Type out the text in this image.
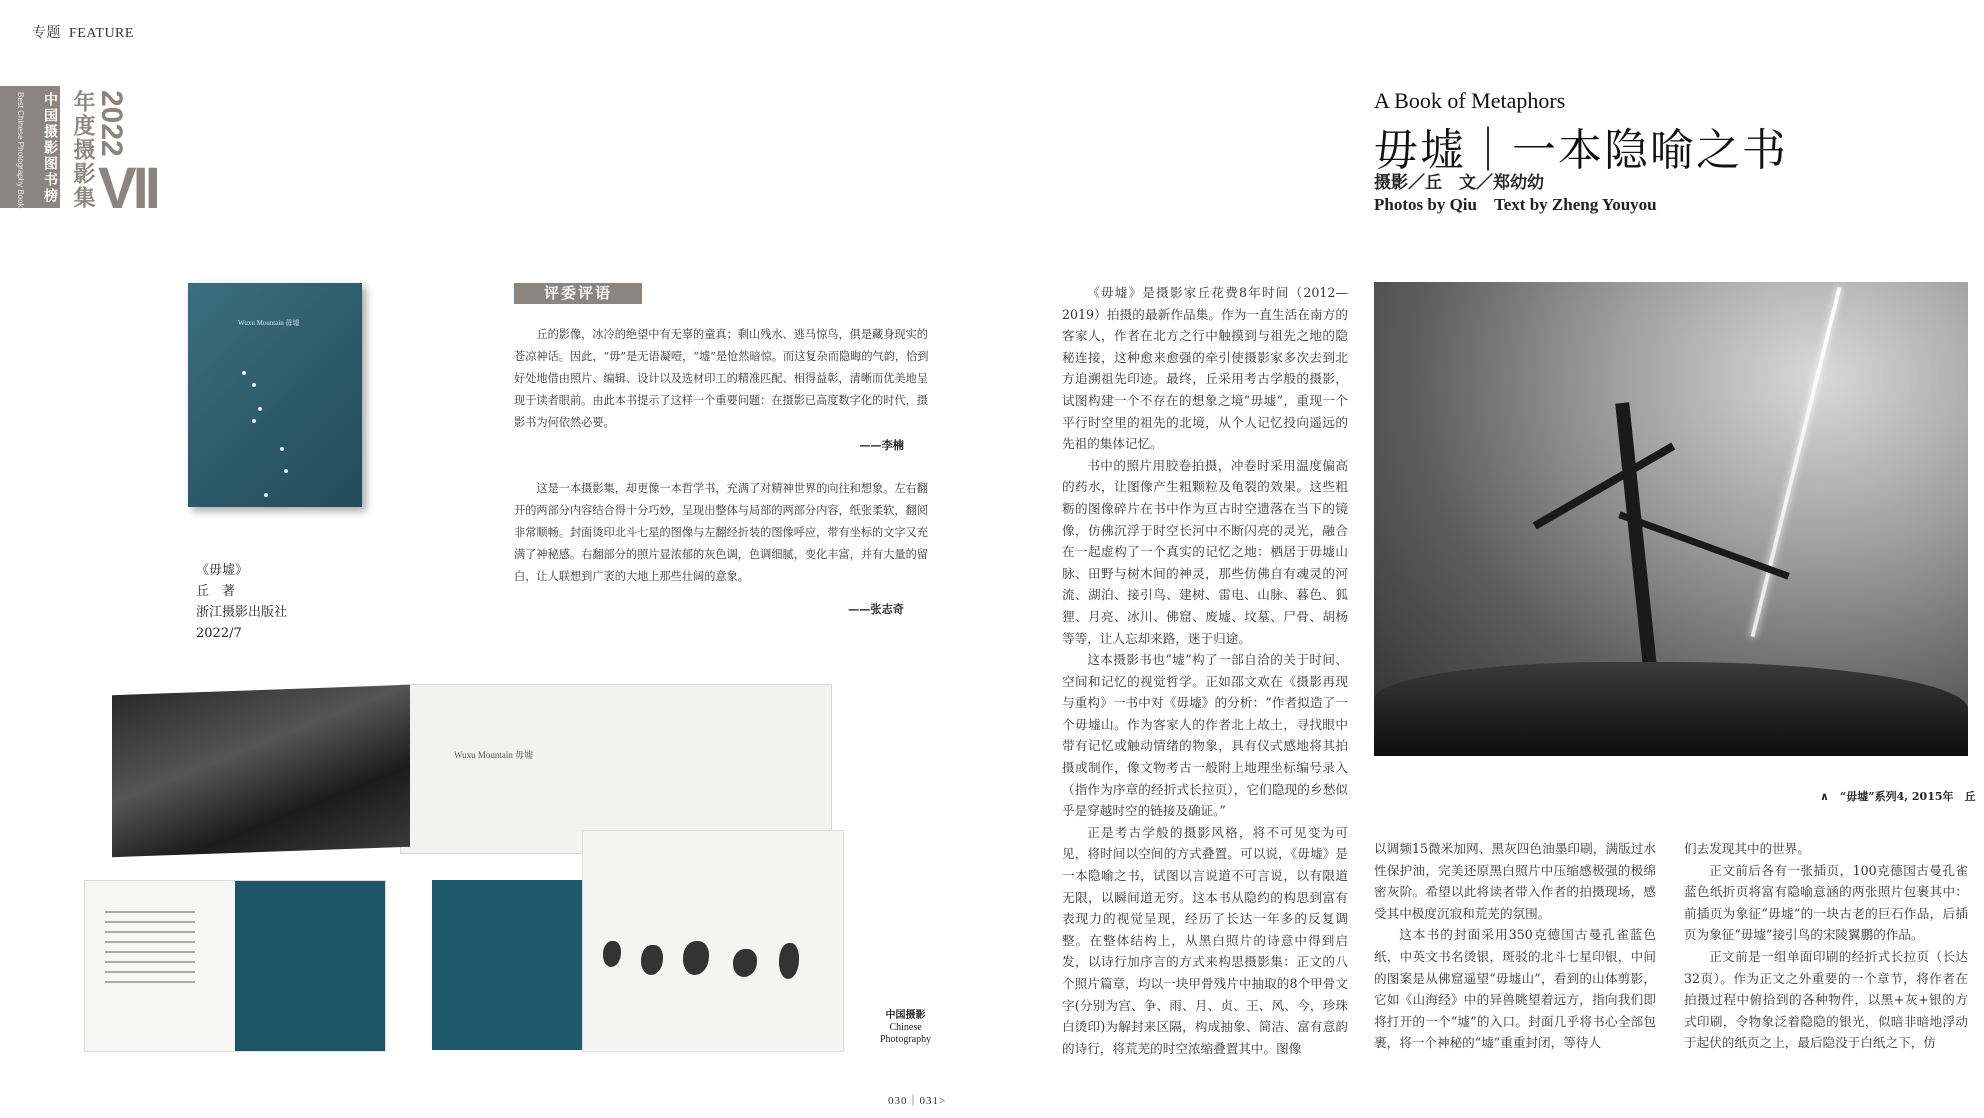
专题 FEATURE
中国摄影图书榜
Best Chinese Photography Books 2022
年度摄影集 VII
A Book of Metaphors
毋墟｜一本隐喻之书
摄影／丘　文／郑幼幼
Photos by Qiu　Text by Zheng Youyou
Wuxu Mountain 毋墟
《毋墟》
丘　著
浙江摄影出版社
2022/7
评委评语
丘的影像，冰冷的绝望中有无辜的童真；剩山残水、逃马惊鸟，俱是藏身现实的苍凉神话。因此，“毋”是无语凝噎，“墟”是怆然暗惊。而这复杂而隐晦的气韵，恰到好处地借由照片、编辑、设计以及选材印工的精准匹配、相得益彰，清晰而优美地呈现于读者眼前。由此本书提示了这样一个重要问题：在摄影已高度数字化的时代，摄影书为何依然必要。
——李楠
这是一本摄影集，却更像一本哲学书，充满了对精神世界的向往和想象。左右翻开的两部分内容结合得十分巧妙，呈现出整体与局部的两部分内容，纸张柔软，翻阅非常顺畅。封面烫印北斗七星的图像与左翻经折装的图像呼应，带有坐标的文字又充满了神秘感。右翻部分的照片显浓郁的灰色调，色调细腻，变化丰富，并有大量的留白，让人联想到广袤的大地上那些壮阔的意象。
——张志奇
Wuxu Mountain 毋墟
中国摄影
Chinese
Photography

《毋墟》是摄影家丘花费8年时间（2012—2019）拍摄的最新作品集。作为一直生活在南方的客家人，作者在北方之行中触摸到与祖先之地的隐秘连接，这种愈来愈强的牵引使摄影家多次去到北方追溯祖先印迹。最终，丘采用考古学般的摄影，试图构建一个不存在的想象之境“毋墟”，重现一个平行时空里的祖先的北境，从个人记忆投向遥远的先祖的集体记忆。

书中的照片用胶卷拍摄，冲卷时采用温度偏高的药水，让图像产生粗颗粒及龟裂的效果。这些粗粝的图像碎片在书中作为亘古时空遗落在当下的镜像，仿佛沉浮于时空长河中不断闪亮的灵光，融合在一起虚构了一个真实的记忆之地：栖居于毋墟山脉、田野与树木间的神灵，那些仿佛自有魂灵的河流、湖泊、接引鸟、建树、雷电、山脉、暮色、狐狸、月亮、冰川、佛窟、废墟、坟墓、尸骨、胡杨等等，让人忘却来路，迷于归途。

这本摄影书也“墟”构了一部自洽的关于时间、空间和记忆的视觉哲学。正如邵文欢在《摄影再现与重构》一书中对《毋墟》的分析：“作者拟造了一个毋墟山。作为客家人的作者北上故土，寻找眼中带有记忆或触动情绪的物象，具有仪式感地将其拍摄或制作，像文物考古一般附上地理坐标编号录入（指作为序章的经折式长拉页），它们隐现的乡愁似乎是穿越时空的链接及确证。”

正是考古学般的摄影风格，将不可见变为可见，将时间以空间的方式叠置。可以说，《毋墟》是一本隐喻之书，试图以言说道不可言说，以有限道无限，以瞬间道无穷。这本书从隐约的构思到富有表现力的视觉呈现，经历了长达一年多的反复调整。在整体结构上，从黑白照片的诗意中得到启发，以诗行加序言的方式来构思摄影集：正文的八个照片篇章，均以一块甲骨残片中抽取的8个甲骨文字(分别为宫、争、雨、月、贞、王、风、今，珍珠白烫印)为解封来区隔，构成抽象、简洁、富有意韵的诗行，将荒芜的时空浓缩叠置其中。图像

∧　“毋墟”系列4, 2015年　丘

以调频15微米加网、黑灰四色油墨印刷，满版过水性保护油，完美还原黑白照片中压缩感极强的极绵密灰阶。希望以此将读者带入作者的拍摄现场，感受其中极度沉寂和荒芜的氛围。

这本书的封面采用350克德国古曼孔雀蓝色纸，中英文书名烫银，斑驳的北斗七星印银，中间的图案是从佛窟遥望“毋墟山”，看到的山体剪影，它如《山海经》中的异兽眺望着远方，指向我们即将打开的一个“墟”的入口。封面几乎将书心全部包裹，将一个神秘的“墟”重重封闭，等待人

们去发现其中的世界。

正文前后各有一张插页，100克德国古曼孔雀蓝色纸折页将富有隐喻意涵的两张照片包裹其中：前插页为象征“毋墟”的一块古老的巨石作品，后插页为象征“毋墟”接引鸟的宋陵翼鹏的作品。

正文前是一组单面印刷的经折式长拉页（长达32页）。作为正文之外重要的一个章节，将作者在拍摄过程中俯拾到的各种物件，以黑+灰+银的方式印刷，令物象泛着隐隐的银光，似暗非暗地浮动于起伏的纸页之上，最后隐没于白纸之下，仿

030｜031>
